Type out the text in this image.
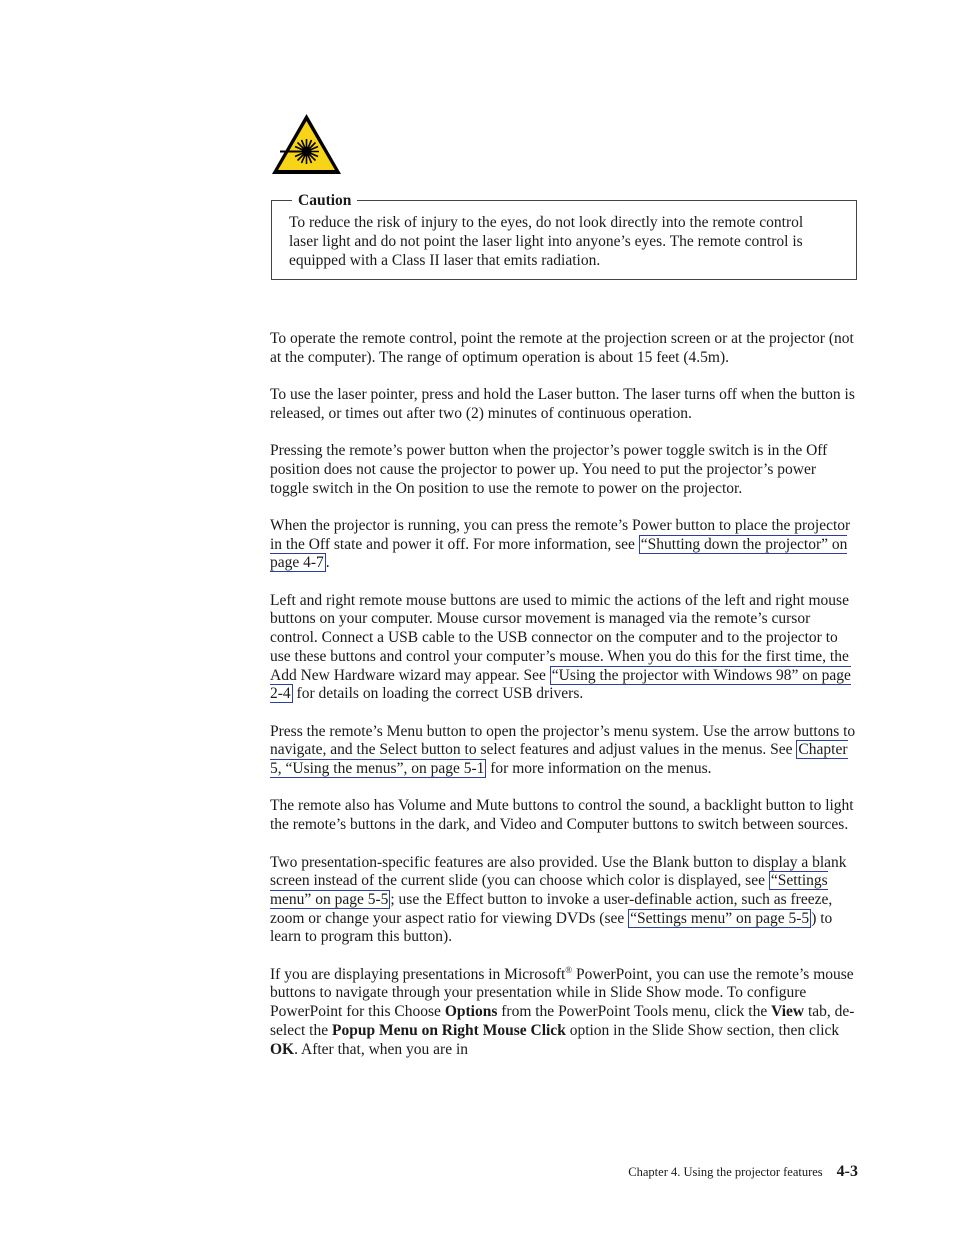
Caution

To reduce the risk of injury to the eyes, do not look directly into the remote control laser light and do not point the laser light into anyone’s eyes. The remote control is equipped with a Class II laser that emits radiation.

To operate the remote control, point the remote at the projection screen or at the projector (not at the computer). The range of optimum operation is about 15 feet (4.5m).

To use the laser pointer, press and hold the Laser button. The laser turns off when the button is released, or times out after two (2) minutes of continuous operation.

Pressing the remote’s power button when the projector’s power toggle switch is in the Off position does not cause the projector to power up. You need to put the projector’s power toggle switch in the On position to use the remote to power on the projector.

When the projector is running, you can press the remote’s Power button to place the projector in the Off state and power it off. For more information, see “Shutting down the projector” on page 4-7 .

Left and right remote mouse buttons are used to mimic the actions of the left and right mouse buttons on your computer. Mouse cursor movement is managed via the remote’s cursor control. Connect a USB cable to the USB connector on the computer and to the projector to use these buttons and control your computer’s mouse. When you do this for the first time, the Add New Hardware wizard may appear. See “Using the projector with Windows 98” on page 2-4 for details on loading the correct USB drivers.

Press the remote’s Menu button to open the projector’s menu system. Use the arrow buttons to navigate, and the Select button to select features and adjust values in the menus. See Chapter 5, “Using the menus”, on page 5-1 for more information on the menus.

The remote also has Volume and Mute buttons to control the sound, a backlight button to light the remote’s buttons in the dark, and Video and Computer buttons to switch between sources.

Two presentation-specific features are also provided. Use the Blank button to display a blank screen instead of the current slide (you can choose which color is displayed, see “Settings menu” on page 5-5 ; use the Effect button to invoke a user-definable action, such as freeze, zoom or change your aspect ratio for viewing DVDs (see “Settings menu” on page 5-5 ) to learn to program this button).

If you are displaying presentations in Microsoft® PowerPoint, you can use the remote’s mouse buttons to navigate through your presentation while in Slide Show mode. To configure PowerPoint for this Choose Options from the PowerPoint Tools menu, click the View tab, de-select the Popup Menu on Right Mouse Click option in the Slide Show section, then click OK. After that, when you are in

Chapter 4. Using the projector features 4-3
